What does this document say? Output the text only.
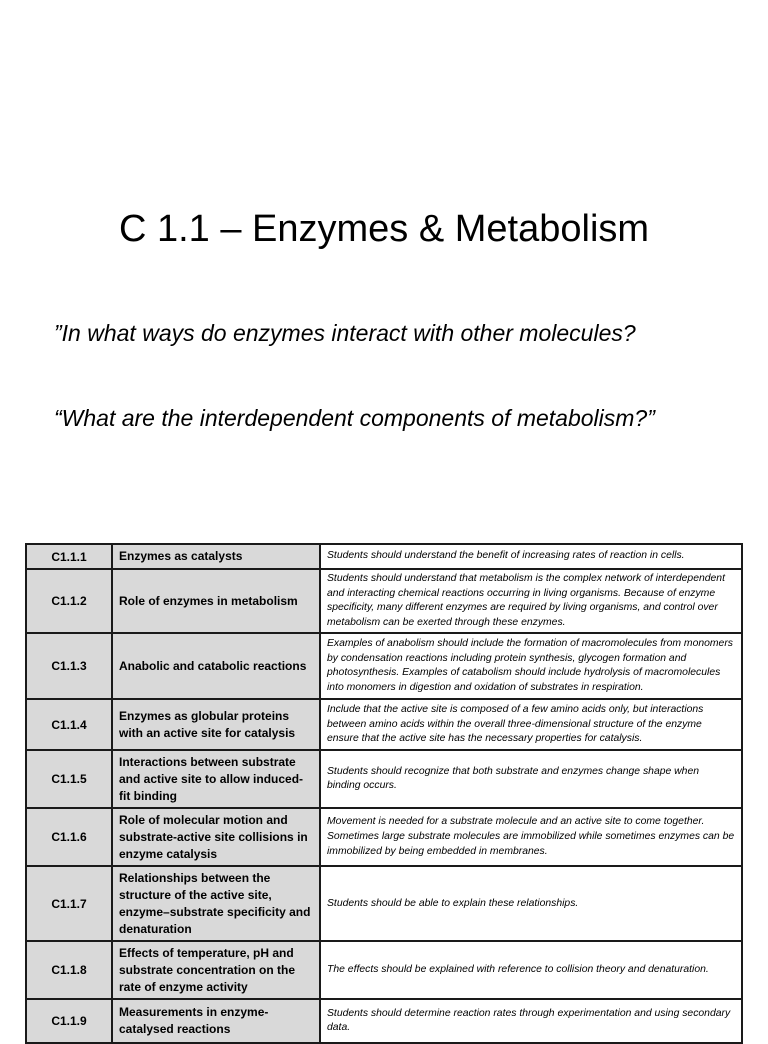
C 1.1 – Enzymes & Metabolism
”In what ways do enzymes interact with other molecules?
“What are the interdependent components of metabolism?”
C1.1.1	Enzymes as catalysts	Students should understand the benefit of increasing rates of reaction in cells.
C1.1.2	Role of enzymes in metabolism	Students should understand that metabolism is the complex network of interdependent and interacting chemical reactions occurring in living organisms. Because of enzyme specificity, many different enzymes are required by living organisms, and control over metabolism can be exerted through these enzymes.
C1.1.3	Anabolic and catabolic reactions	Examples of anabolism should include the formation of macromolecules from monomers by condensation reactions including protein synthesis, glycogen formation and photosynthesis. Examples of catabolism should include hydrolysis of macromolecules into monomers in digestion and oxidation of substrates in respiration.
C1.1.4	Enzymes as globular proteins with an active site for catalysis	Include that the active site is composed of a few amino acids only, but interactions between amino acids within the overall three-dimensional structure of the enzyme ensure that the active site has the necessary properties for catalysis.
C1.1.5	Interactions between substrate and active site to allow induced-fit binding	Students should recognize that both substrate and enzymes change shape when binding occurs.
C1.1.6	Role of molecular motion and substrate-active site collisions in enzyme catalysis	Movement is needed for a substrate molecule and an active site to come together. Sometimes large substrate molecules are immobilized while sometimes enzymes can be immobilized by being embedded in membranes.
C1.1.7	Relationships between the structure of the active site, enzyme–substrate specificity and denaturation	Students should be able to explain these relationships.
C1.1.8	Effects of temperature, pH and substrate concentration on the rate of enzyme activity	The effects should be explained with reference to collision theory and denaturation.
C1.1.9	Measurements in enzyme-catalysed reactions	Students should determine reaction rates through experimentation and using secondary data.
